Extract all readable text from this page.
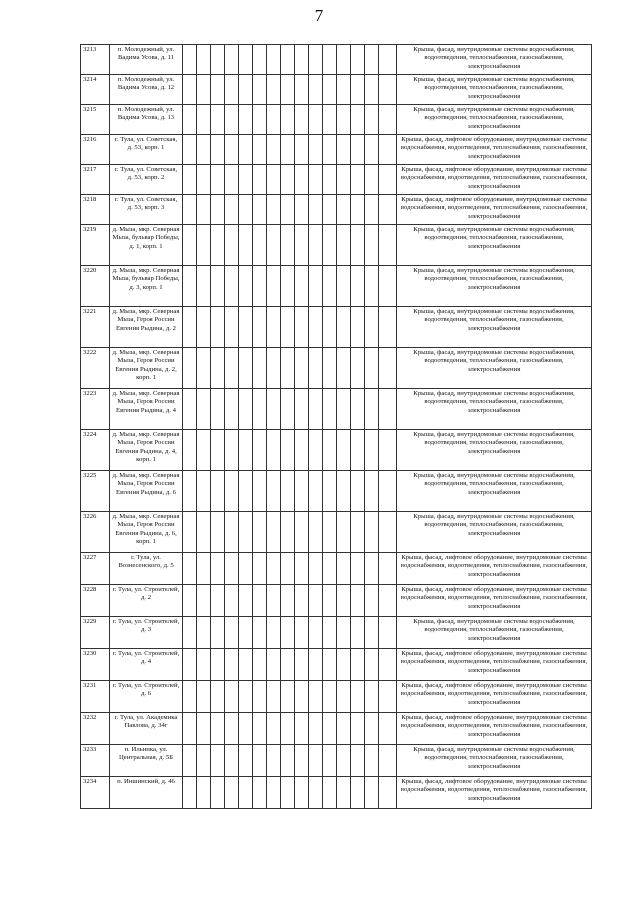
7
3213	п. Молодежный, ул. Вадима Усова, д. 11																Крыша, фасад, внутридомовые системы водоснабжения, водоотведения, теплоснабжения, газоснабжения, электроснабжения
3214	п. Молодежный, ул. Вадима Усова, д. 12																Крыша, фасад, внутридомовые системы водоснабжения, водоотведения, теплоснабжения, газоснабжения, электроснабжения
3215	п. Молодежный, ул. Вадима Усова, д. 13																Крыша, фасад, внутридомовые системы водоснабжения, водоотведения, теплоснабжения, газоснабжения, электроснабжения
3216	г. Тула, ул. Советская, д. 53, корп. 1																Крыша, фасад, лифтовое оборудование, внутридомовые системы водоснабжения, водоотведения, теплоснабжения, газоснабжения, электроснабжения
3217	г. Тула, ул. Советская, д. 53, корп. 2																Крыша, фасад, лифтовое оборудование, внутридомовые системы водоснабжения, водоотведения, теплоснабжения, газоснабжения, электроснабжения
3218	г. Тула, ул. Советская, д. 53, корп. 3																Крыша, фасад, лифтовое оборудование, внутридомовые системы водоснабжения, водоотведения, теплоснабжения, газоснабжения, электроснабжения
3219	д. Мыза, мкр. Северная Мыза, бульвар Победы, д. 1, корп. 1																Крыша, фасад, внутридомовые системы водоснабжения, водоотведения, теплоснабжения, газоснабжения, электроснабжения
3220	д. Мыза, мкр. Северная Мыза, бульвар Победы, д. 3, корп. 1																Крыша, фасад, внутридомовые системы водоснабжения, водоотведения, теплоснабжения, газоснабжения, электроснабжения
3221	д. Мыза, мкр. Северная Мыза, Героя России Евгения Рыдина, д. 2																Крыша, фасад, внутридомовые системы водоснабжения, водоотведения, теплоснабжения, газоснабжения, электроснабжения
3222	д. Мыза, мкр. Северная Мыза, Героя России Евгения Рыдина, д. 2, корп. 1																Крыша, фасад, внутридомовые системы водоснабжения, водоотведения, теплоснабжения, газоснабжения, электроснабжения
3223	д. Мыза, мкр. Северная Мыза, Героя России Евгения Рыдина, д. 4																Крыша, фасад, внутридомовые системы водоснабжения, водоотведения, теплоснабжения, газоснабжения, электроснабжения
3224	д. Мыза, мкр. Северная Мыза, Героя России Евгения Рыдина, д. 4, корп. 1																Крыша, фасад, внутридомовые системы водоснабжения, водоотведения, теплоснабжения, газоснабжения, электроснабжения
3225	д. Мыза, мкр. Северная Мыза, Героя России Евгения Рыдина, д. 6																Крыша, фасад, внутридомовые системы водоснабжения, водоотведения, теплоснабжения, газоснабжения, электроснабжения
3226	д. Мыза, мкр. Северная Мыза, Героя России Евгения Рыдина, д. 6, корп. 1																Крыша, фасад, внутридомовые системы водоснабжения, водоотведения, теплоснабжения, газоснабжения, электроснабжения
3227	г. Тула, ул. Вознесенского, д. 5																Крыша, фасад, лифтовое оборудование, внутридомовые системы водоснабжения, водоотведения, теплоснабжения, газоснабжения, электроснабжения
3228	г. Тула, ул. Строителей, д. 2																Крыша, фасад, лифтовое оборудование, внутридомовые системы водоснабжения, водоотведения, теплоснабжения, газоснабжения, электроснабжения
3229	г. Тула, ул. Строителей, д. 3																Крыша, фасад, внутридомовые системы водоснабжения, водоотведения, теплоснабжения, газоснабжения, электроснабжения
3230	г. Тула, ул. Строителей, д. 4																Крыша, фасад, лифтовое оборудование, внутридомовые системы водоснабжения, водоотведения, теплоснабжения, газоснабжения, электроснабжения
3231	г. Тула, ул. Строителей, д. 6																Крыша, фасад, лифтовое оборудование, внутридомовые системы водоснабжения, водоотведения, теплоснабжения, газоснабжения, электроснабжения
3232	г. Тула, ул. Академика Павлова, д. 34г																Крыша, фасад, лифтовое оборудование, внутридомовые системы водоснабжения, водоотведения, теплоснабжения, газоснабжения, электроснабжения
3233	п. Ильинка, ул. Центральная, д. 5Б																Крыша, фасад, внутридомовые системы водоснабжения, водоотведения, теплоснабжения, газоснабжения, электроснабжения
3234	п. Иншинский, д. 46																Крыша, фасад, лифтовое оборудование, внутридомовые системы водоснабжения, водоотведения, теплоснабжения, газоснабжения, электроснабжения
